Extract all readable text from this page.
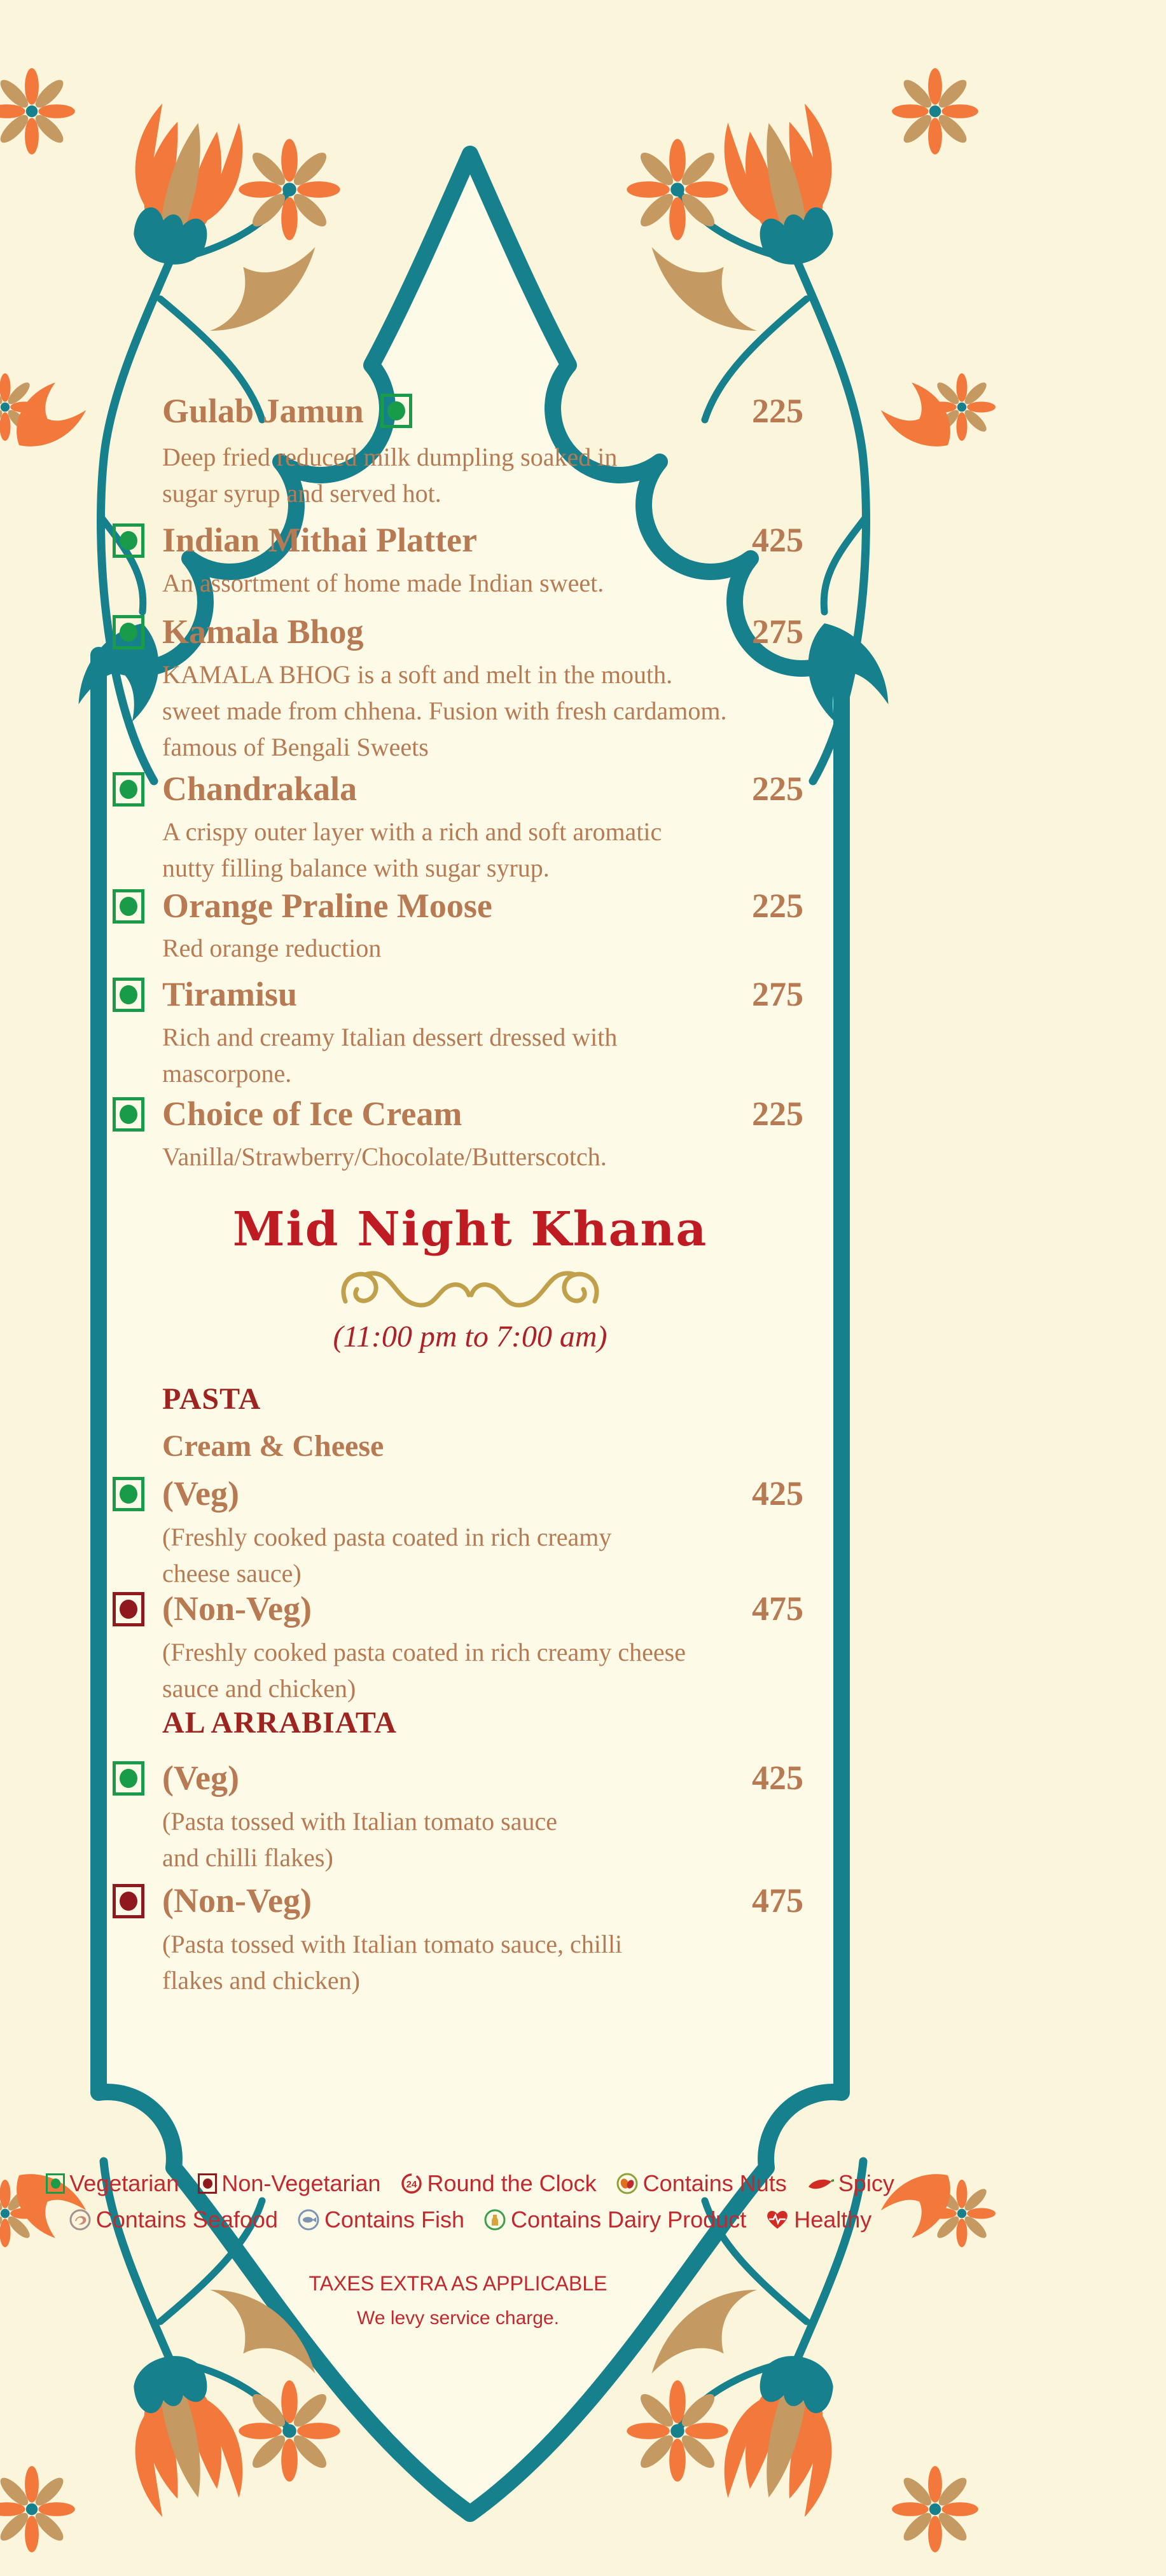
Gulab Jamun	225
Deep fried reduced milk dumpling soaked in
sugar syrup and served hot.
Indian Mithai Platter	425
An assortment of home made Indian sweet.
Kamala Bhog	275
KAMALA BHOG is a soft and melt in the mouth.
sweet made from chhena. Fusion with fresh cardamom.
famous of Bengali Sweets
Chandrakala	225
A crispy outer layer with a rich and soft aromatic
nutty filling balance with sugar syrup.
Orange Praline Moose	225
Red orange reduction
Tiramisu	275
Rich and creamy Italian dessert dressed with
mascorpone.
Choice of Ice Cream	225
Vanilla/Strawberry/Chocolate/Butterscotch.
Mid Night Khana
(11:00 pm to 7:00 am)
PASTA
Cream & Cheese
(Veg)	425
(Freshly cooked pasta coated in rich creamy
cheese sauce)
(Non-Veg)	475
(Freshly cooked pasta coated in rich creamy cheese
sauce and chicken)
AL ARRABIATA
(Veg)	425
(Pasta tossed with Italian tomato sauce
and chilli flakes)
(Non-Veg)	475
(Pasta tossed with Italian tomato sauce, chilli
flakes and chicken)
Vegetarian Non-Vegetarian	24 Round the Clock Contains Nuts Spicy
Contains Seafood Contains Fish Contains Dairy Product Healthy
TAXES EXTRA AS APPLICABLE
We levy service charge.
